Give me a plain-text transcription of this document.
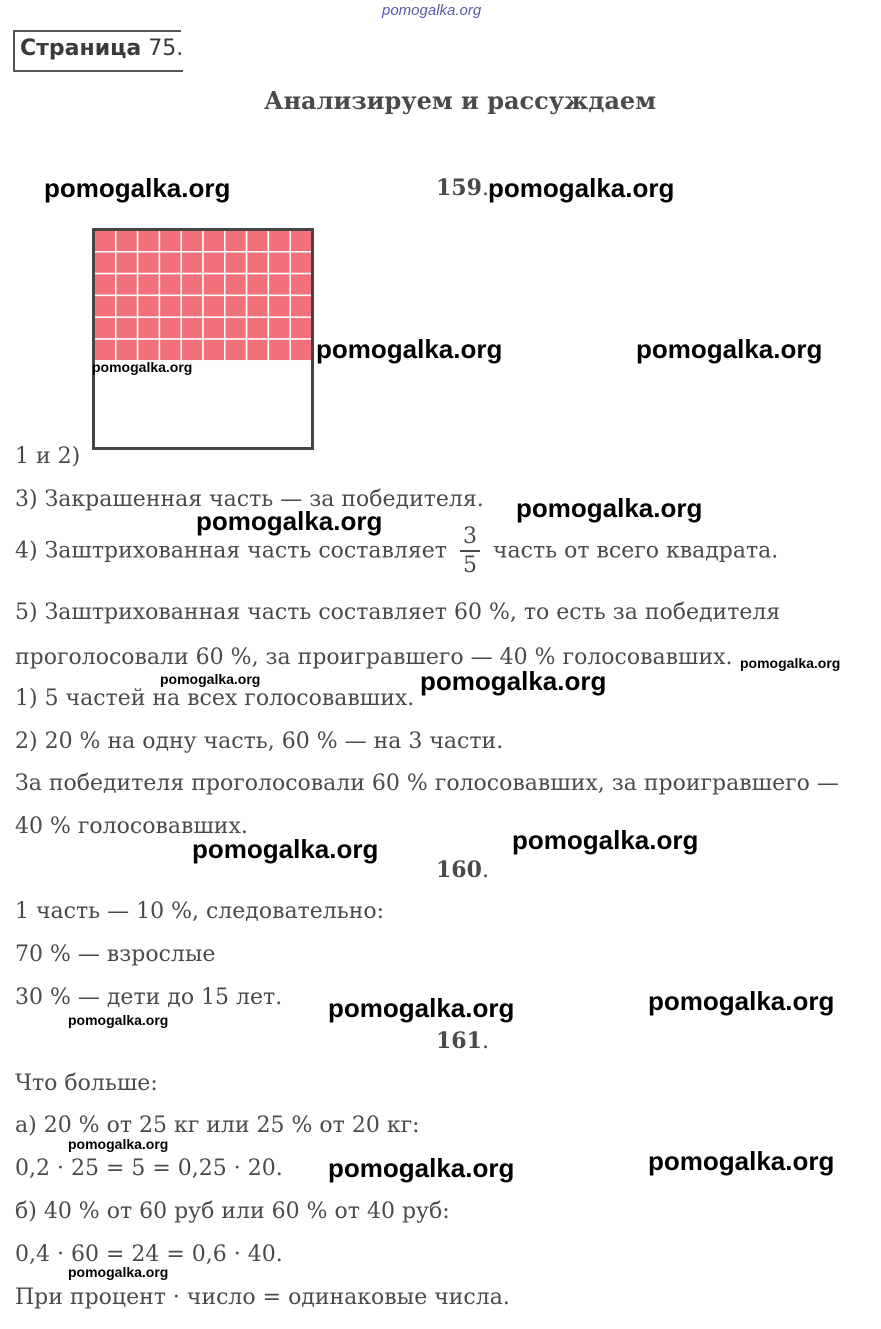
pomogalka.org
Страница 75.
Анализируем и рассуждаем
159.
1 и 2)
3) Закрашенная часть — за победителя.
4) Заштрихованная часть составляет $\frac{3}{5}$ часть от всего квадрата.
5) Заштрихованная часть составляет 60 %, то есть за победителя
проголосовали 60 %, за проигравшего — 40 % голосовавших.
1) 5 частей на всех голосовавших.
2) 20 % на одну часть, 60 % — на 3 части.
За победителя проголосовали 60 % голосовавших, за проигравшего —
40 % голосовавших.
160.
1 часть — 10 %, следовательно:
70 % — взрослые
30 % — дети до 15 лет.
161.
Что больше:
а) 20 % от 25 кг или 25 % от 20 кг:
0,2 · 25 = 5 = 0,25 · 20.
б) 40 % от 60 руб или 60 % от 40 руб:
0,4 · 60 = 24 = 0,6 · 40.
При процент · число = одинаковые числа.
pomogalka.org	pomogalka.org
pomogalka.org	pomogalka.org
pomogalka.org
pomogalka.org
pomogalka.org
pomogalka.org
pomogalka.org	pomogalka.org
pomogalka.org
pomogalka.org
pomogalka.org
pomogalka.org
pomogalka.org
pomogalka.org
pomogalka.org
pomogalka.org
pomogalka.org
